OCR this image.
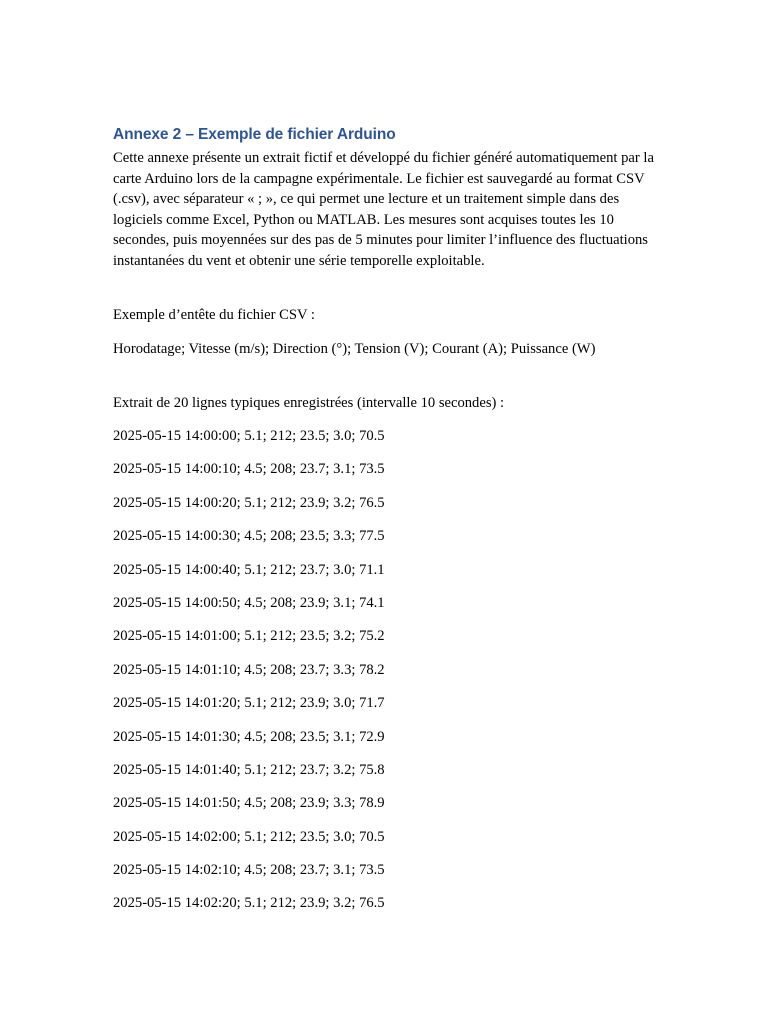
Annexe 2 – Exemple de fichier Arduino

Cette annexe présente un extrait fictif et développé du fichier généré automatiquement par la carte Arduino lors de la campagne expérimentale. Le fichier est sauvegardé au format CSV (.csv), avec séparateur « ; », ce qui permet une lecture et un traitement simple dans des logiciels comme Excel, Python ou MATLAB. Les mesures sont acquises toutes les 10 secondes, puis moyennées sur des pas de 5 minutes pour limiter l’influence des fluctuations instantanées du vent et obtenir une série temporelle exploitable.

Exemple d’entête du fichier CSV :

Horodatage; Vitesse (m/s); Direction (°); Tension (V); Courant (A); Puissance (W)

Extrait de 20 lignes typiques enregistrées (intervalle 10 secondes) :

2025-05-15 14:00:00; 5.1; 212; 23.5; 3.0; 70.5
2025-05-15 14:00:10; 4.5; 208; 23.7; 3.1; 73.5
2025-05-15 14:00:20; 5.1; 212; 23.9; 3.2; 76.5
2025-05-15 14:00:30; 4.5; 208; 23.5; 3.3; 77.5
2025-05-15 14:00:40; 5.1; 212; 23.7; 3.0; 71.1
2025-05-15 14:00:50; 4.5; 208; 23.9; 3.1; 74.1
2025-05-15 14:01:00; 5.1; 212; 23.5; 3.2; 75.2
2025-05-15 14:01:10; 4.5; 208; 23.7; 3.3; 78.2
2025-05-15 14:01:20; 5.1; 212; 23.9; 3.0; 71.7
2025-05-15 14:01:30; 4.5; 208; 23.5; 3.1; 72.9
2025-05-15 14:01:40; 5.1; 212; 23.7; 3.2; 75.8
2025-05-15 14:01:50; 4.5; 208; 23.9; 3.3; 78.9
2025-05-15 14:02:00; 5.1; 212; 23.5; 3.0; 70.5
2025-05-15 14:02:10; 4.5; 208; 23.7; 3.1; 73.5
2025-05-15 14:02:20; 5.1; 212; 23.9; 3.2; 76.5
